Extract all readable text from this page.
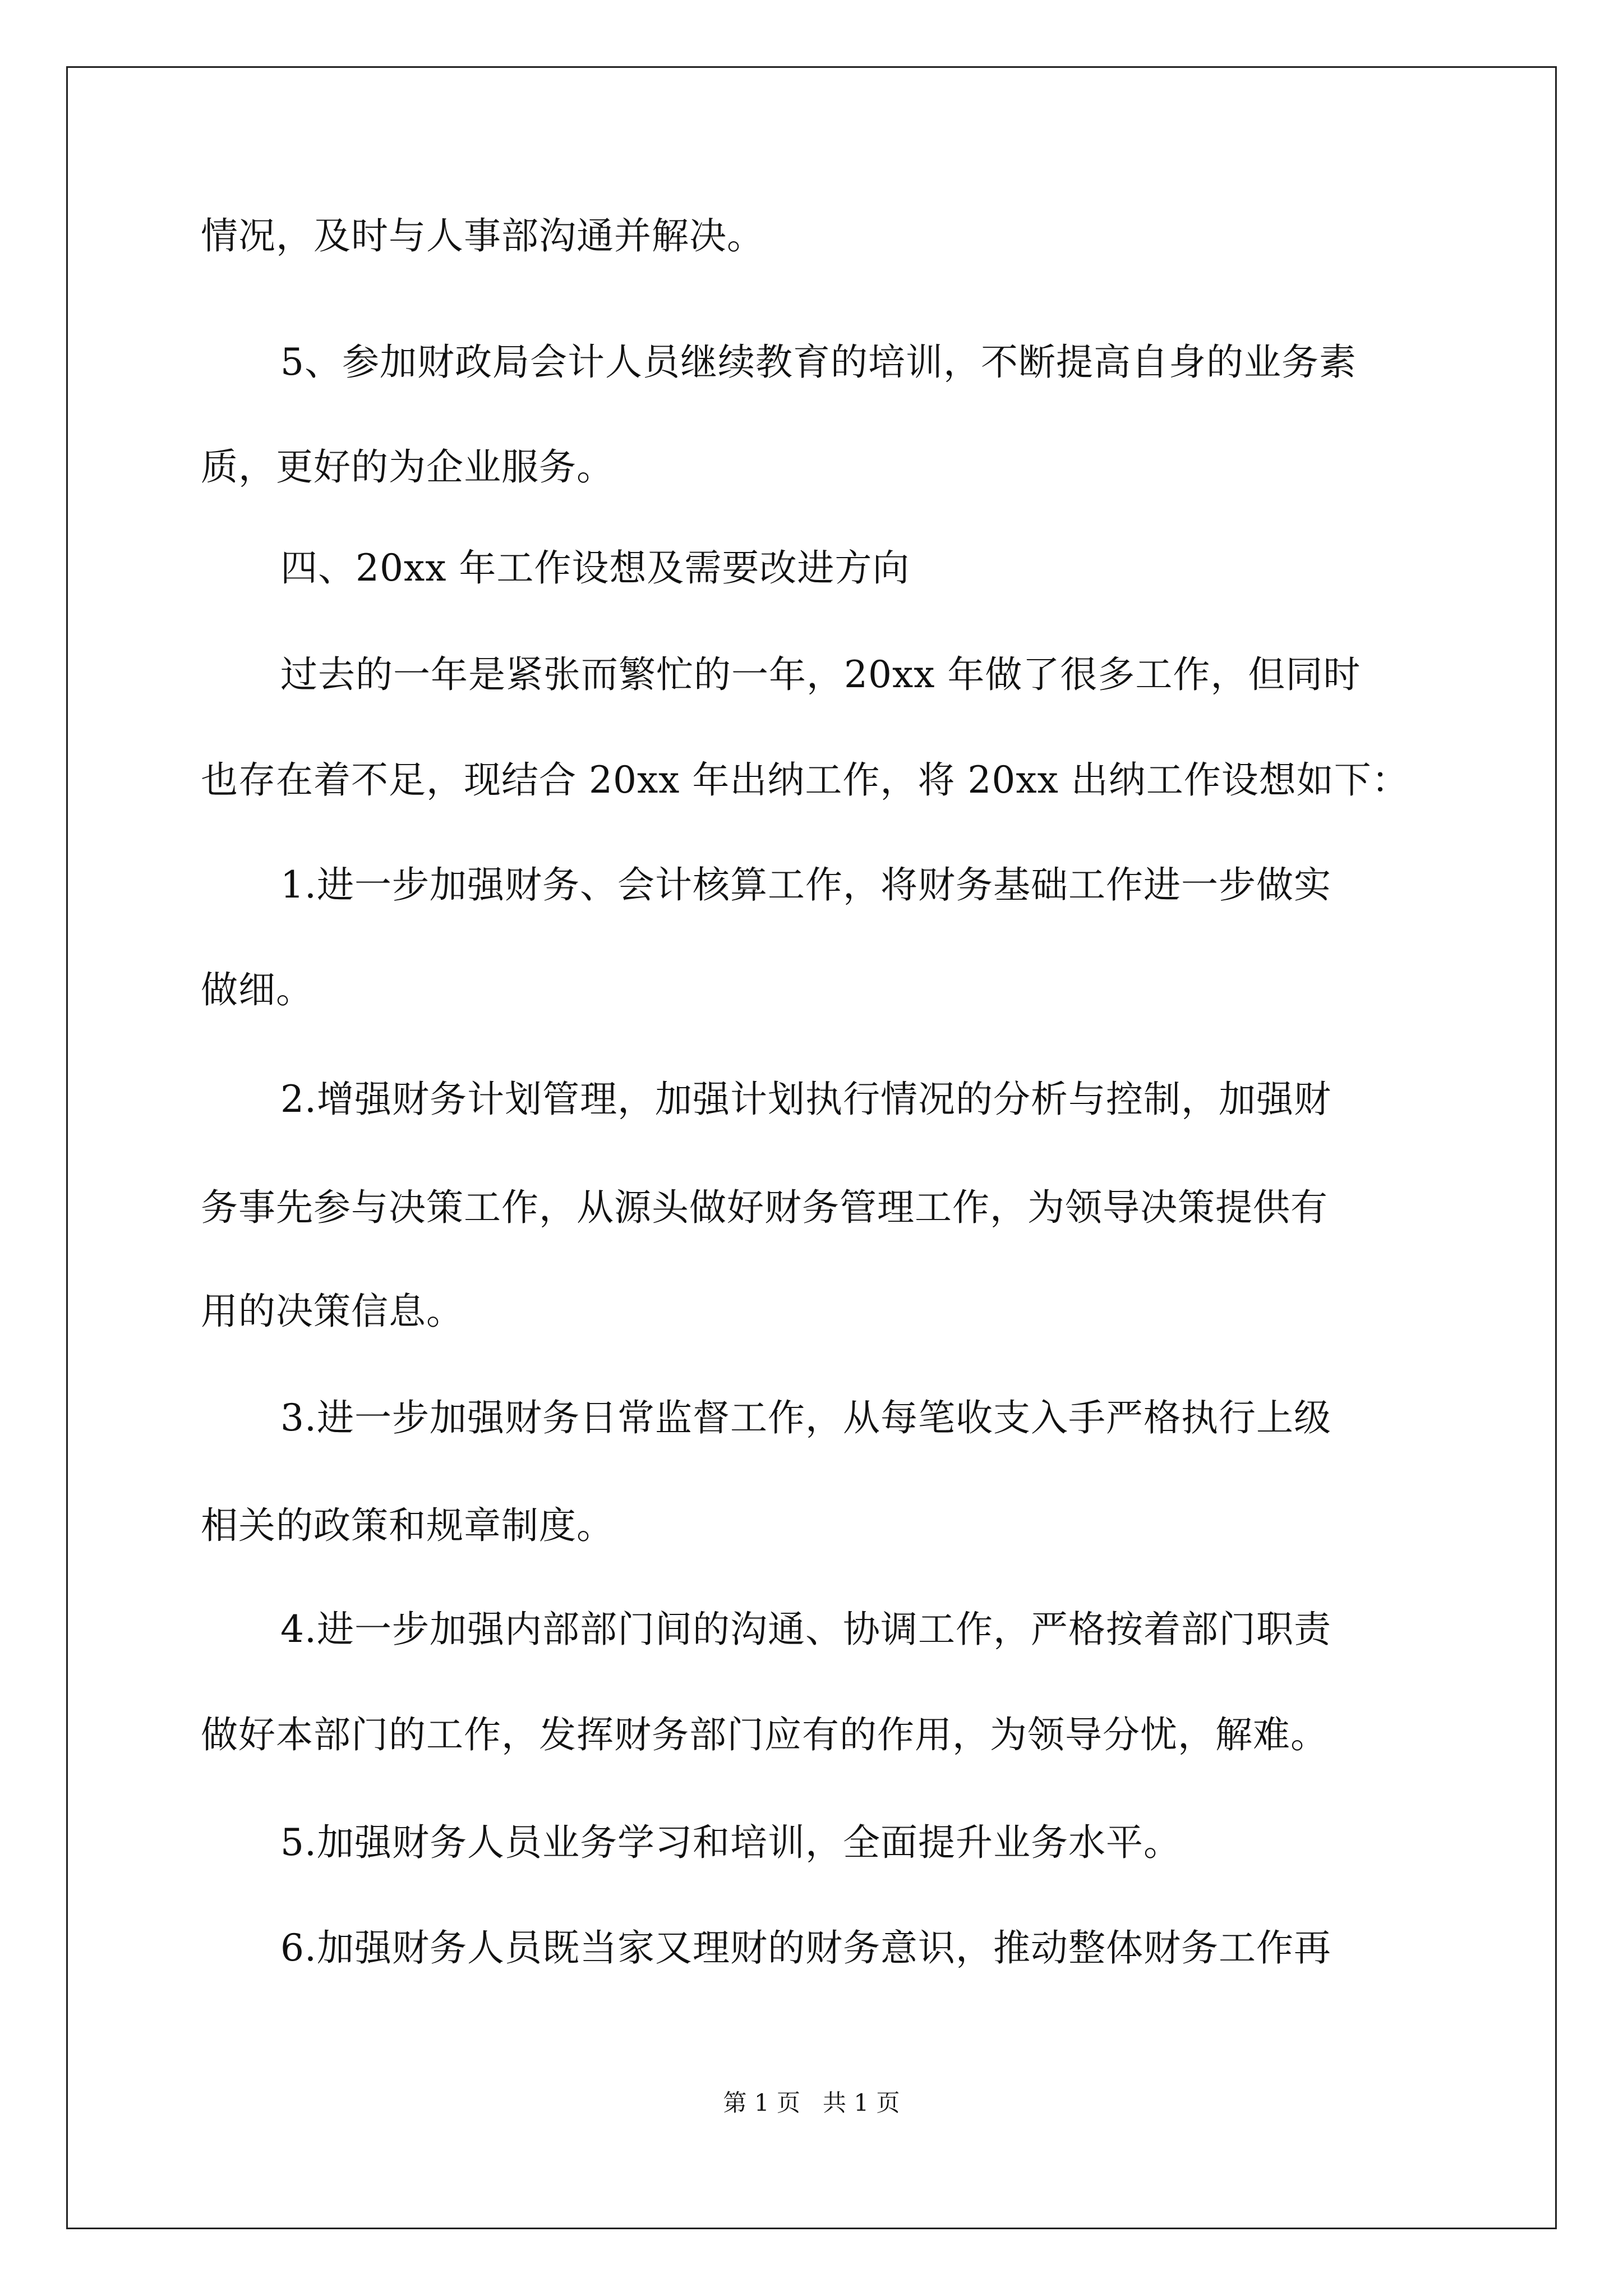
情况，及时与人事部沟通并解决。
5、参加财政局会计人员继续教育的培训，不断提高自身的业务素
质，更好的为企业服务。
四、20xx 年工作设想及需要改进方向
过去的一年是紧张而繁忙的一年，20xx 年做了很多工作，但同时
也存在着不足，现结合 20xx 年出纳工作，将 20xx 出纳工作设想如下：
1.进一步加强财务、会计核算工作，将财务基础工作进一步做实
做细。
2.增强财务计划管理，加强计划执行情况的分析与控制，加强财
务事先参与决策工作，从源头做好财务管理工作，为领导决策提供有
用的决策信息。
3.进一步加强财务日常监督工作，从每笔收支入手严格执行上级
相关的政策和规章制度。
4.进一步加强内部部门间的沟通、协调工作，严格按着部门职责
做好本部门的工作，发挥财务部门应有的作用，为领导分忧，解难。
5.加强财务人员业务学习和培训，全面提升业务水平。
6.加强财务人员既当家又理财的财务意识，推动整体财务工作再
第 1 页   共 1 页
